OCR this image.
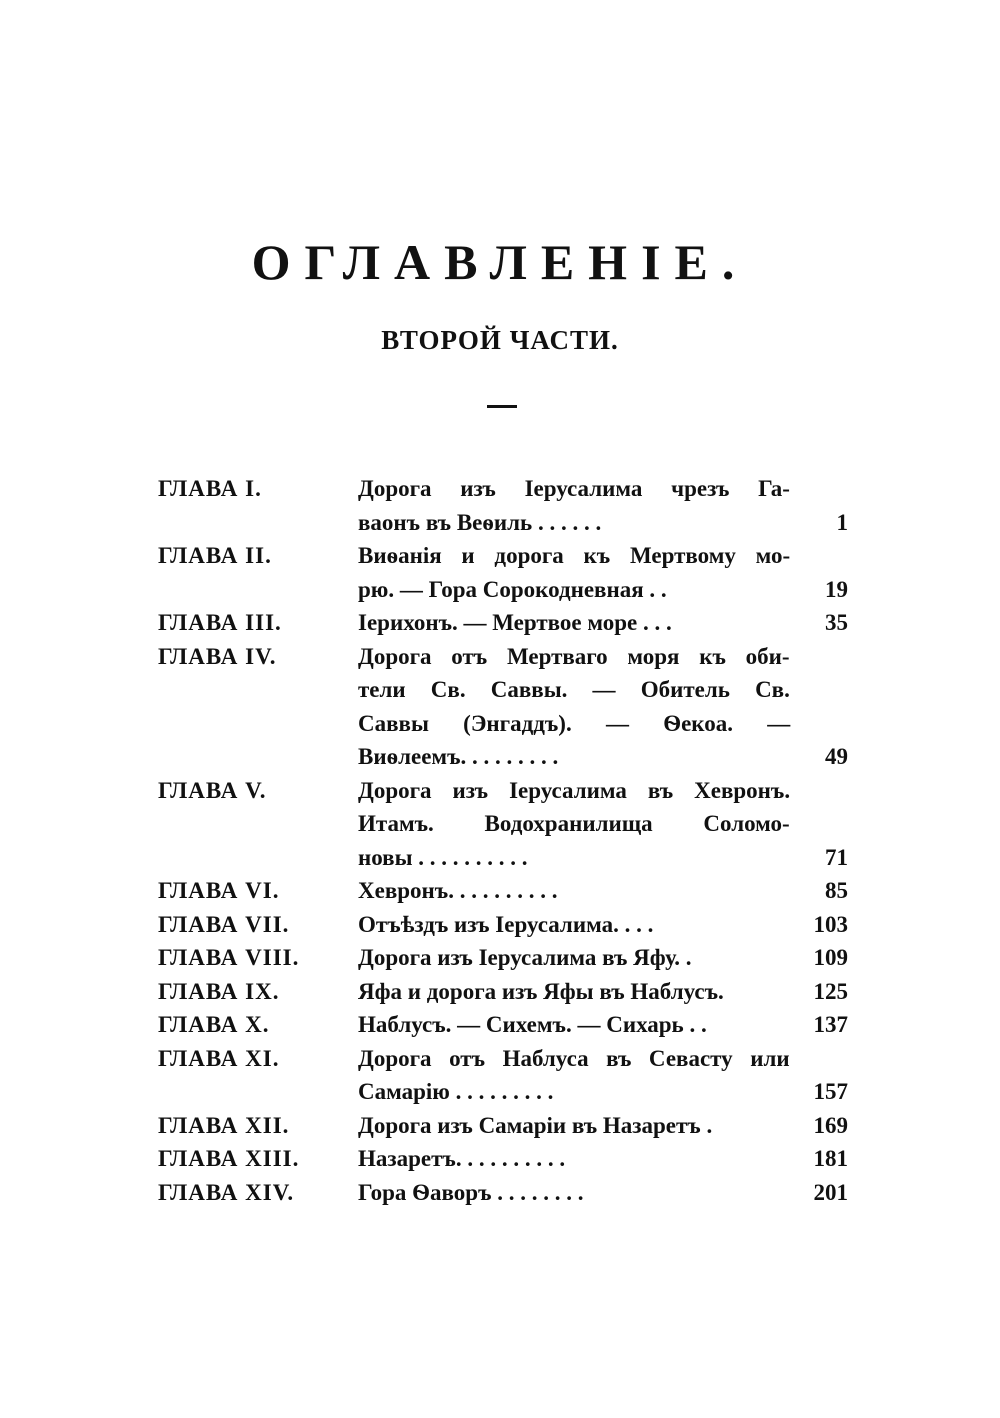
ОГЛАВЛЕНІЕ.
ВТОРОЙ ЧАСТИ.
ГЛАВА І.	Дорога изъ Іерусалима чрезъ Га-
ваонъ въ Веѳиль . . . . . .	1
ГЛАВА II.	Виѳанія и дорога къ Мертвому мо-
рю. — Гора Сорокодневная . .	19
ГЛАВА III.	Іерихонъ. — Мертвое море . . .	35
ГЛАВА IV.	Дорога отъ Мертваго моря къ оби-
тели Св. Саввы. — Обитель Св.
Саввы (Энгаддъ). — Ѳекоа. —
Виѳлеемъ. . . . . . . . .	49
ГЛАВА V.	Дорога изъ Іерусалима въ Хевронъ.
Итамъ. Водохранилища Соломо-
новы . . . . . . . . . .	71
ГЛАВА VI.	Хевронъ. . . . . . . . . .	85
ГЛАВА VII.	Отъѣздъ изъ Іерусалима. . . .	103
ГЛАВА VIII.	Дорога изъ Іерусалима въ Яфу. .	109
ГЛАВА IX.	Яфа и дорога изъ Яфы въ Наблусъ.	125
ГЛАВА X.	Наблусъ. — Сихемъ. — Сихарь . .	137
ГЛАВА XI.	Дорога отъ Наблуса въ Севасту или
Самарію . . . . . . . . .	157
ГЛАВА XII.	Дорога изъ Самаріи въ Назаретъ .	169
ГЛАВА XIII.	Назаретъ. . . . . . . . . .	181
ГЛАВА XIV.	Гора Ѳаворъ . . . . . . . .	201
